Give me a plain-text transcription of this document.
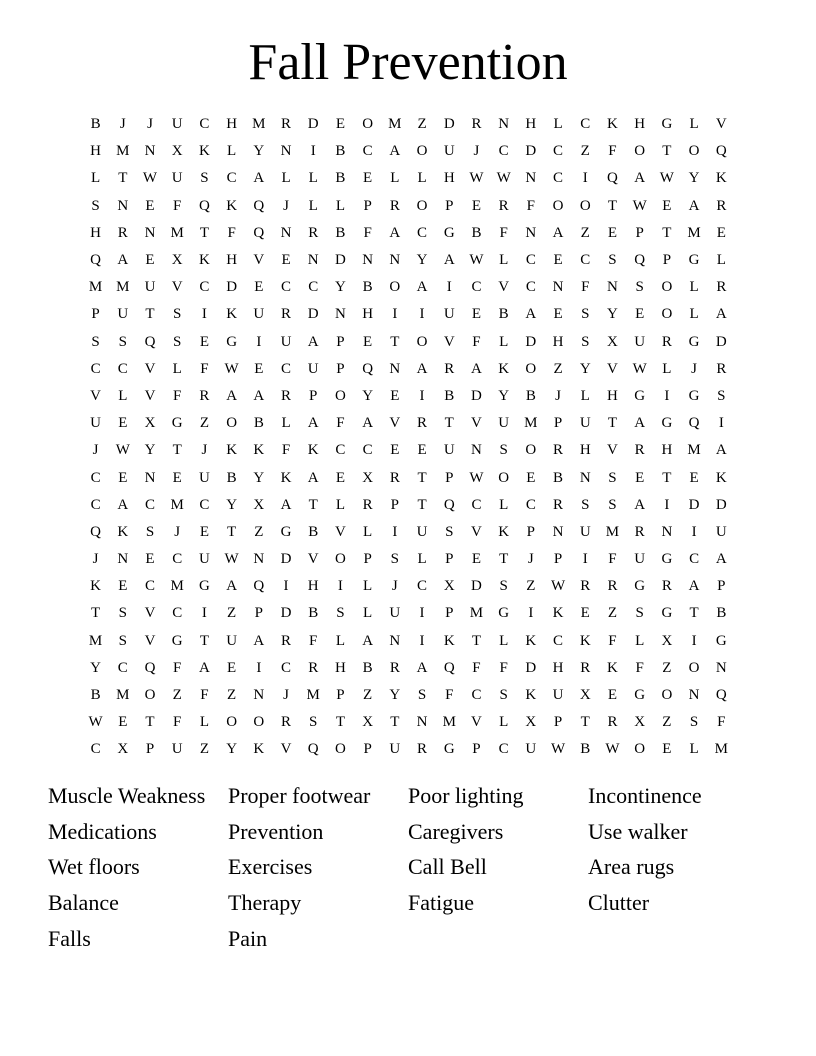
Fall Prevention
B	J	J	U	C	H	M	R	D	E	O	M	Z	D	R	N	H	L	C	K	H	G	L	V
H	M	N	X	K	L	Y	N	I	B	C	A	O	U	J	C	D	C	Z	F	O	T	O	Q
L	T	W	U	S	C	A	L	L	B	E	L	L	H	W	W	N	C	I	Q	A	W	Y	K
S	N	E	F	Q	K	Q	J	L	L	P	R	O	P	E	R	F	O	O	T	W	E	A	R
H	R	N	M	T	F	Q	N	R	B	F	A	C	G	B	F	N	A	Z	E	P	T	M	E
Q	A	E	X	K	H	V	E	N	D	N	N	Y	A	W	L	C	E	C	S	Q	P	G	L
M	M	U	V	C	D	E	C	C	Y	B	O	A	I	C	V	C	N	F	N	S	O	L	R
P	U	T	S	I	K	U	R	D	N	H	I	I	U	E	B	A	E	S	Y	E	O	L	A
S	S	Q	S	E	G	I	U	A	P	E	T	O	V	F	L	D	H	S	X	U	R	G	D
C	C	V	L	F	W	E	C	U	P	Q	N	A	R	A	K	O	Z	Y	V	W	L	J	R
V	L	V	F	R	A	A	R	P	O	Y	E	I	B	D	Y	B	J	L	H	G	I	G	S
U	E	X	G	Z	O	B	L	A	F	A	V	R	T	V	U	M	P	U	T	A	G	Q	I
J	W	Y	T	J	K	K	F	K	C	C	E	E	U	N	S	O	R	H	V	R	H	M	A
C	E	N	E	U	B	Y	K	A	E	X	R	T	P	W	O	E	B	N	S	E	T	E	K
C	A	C	M	C	Y	X	A	T	L	R	P	T	Q	C	L	C	R	S	S	A	I	D	D
Q	K	S	J	E	T	Z	G	B	V	L	I	U	S	V	K	P	N	U	M	R	N	I	U
J	N	E	C	U	W	N	D	V	O	P	S	L	P	E	T	J	P	I	F	U	G	C	A
K	E	C	M	G	A	Q	I	H	I	L	J	C	X	D	S	Z	W	R	R	G	R	A	P
T	S	V	C	I	Z	P	D	B	S	L	U	I	P	M	G	I	K	E	Z	S	G	T	B
M	S	V	G	T	U	A	R	F	L	A	N	I	K	T	L	K	C	K	F	L	X	I	G
Y	C	Q	F	A	E	I	C	R	H	B	R	A	Q	F	F	D	H	R	K	F	Z	O	N
B	M	O	Z	F	Z	N	J	M	P	Z	Y	S	F	C	S	K	U	X	E	G	O	N	Q
W	E	T	F	L	O	O	R	S	T	X	T	N	M	V	L	X	P	T	R	X	Z	S	F
C	X	P	U	Z	Y	K	V	Q	O	P	U	R	G	P	C	U	W	B	W	O	E	L	M
Muscle Weakness	Proper footwear	Poor lighting	Incontinence
Medications	Prevention	Caregivers	Use walker
Wet floors	Exercises	Call Bell	Area rugs
Balance	Therapy	Fatigue	Clutter
Falls	Pain
